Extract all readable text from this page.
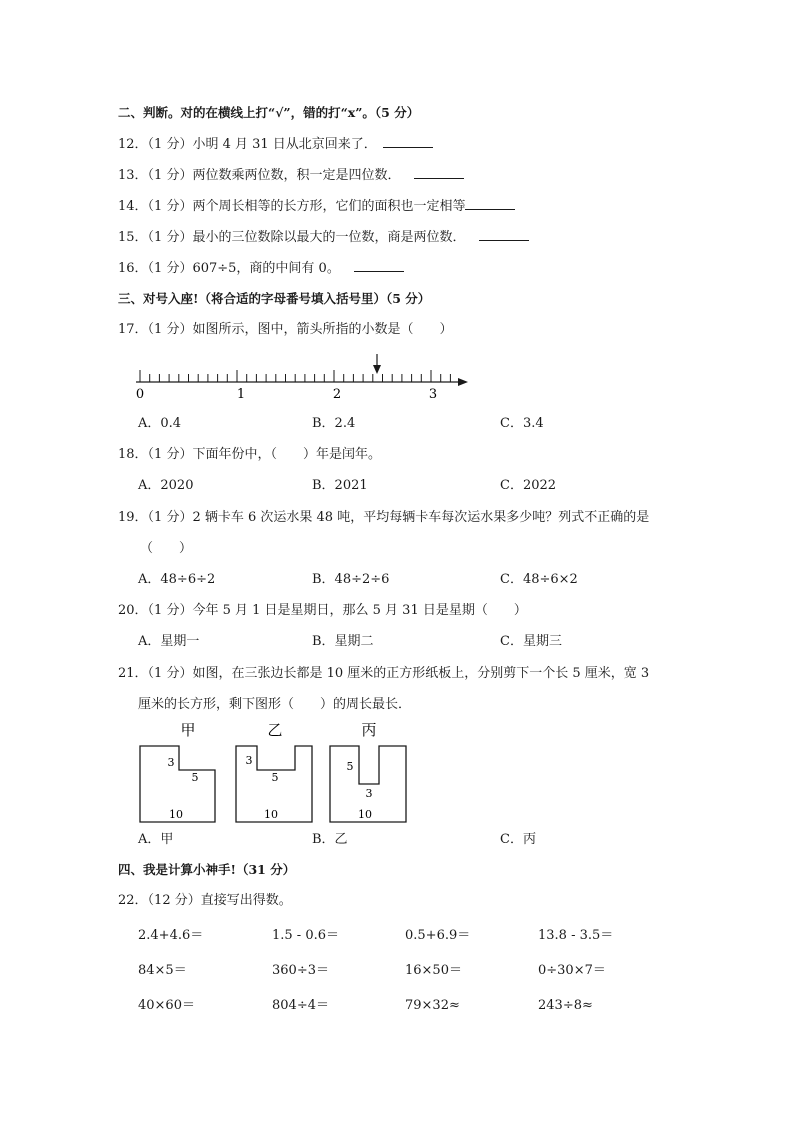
二、判断。对的在横线上打“√”，错的打“x”。（5 分）
12．（1 分）小明 4 月 31 日从北京回来了．
13．（1 分）两位数乘两位数，积一定是四位数．
14．（1 分）两个周长相等的长方形，它们的面积也一定相等
15．（1 分）最小的三位数除以最大的一位数，商是两位数．
16．（1 分）607÷5，商的中间有 0。
三、对号入座!（将合适的字母番号填入括号里）（5 分）
17．（1 分）如图所示，图中，箭头所指的小数是（　　）
0	1	2	3
A．0.4	B．2.4	C．3.4
18．（1 分）下面年份中，（　　）年是闰年。
A．2020	B．2021	C．2022
19．（1 分）2 辆卡车 6 次运水果 48 吨，平均每辆卡车每次运水果多少吨？列式不正确的是
（　　）
A．48÷6÷2	B．48÷2÷6	C．48÷6×2
20．（1 分）今年 5 月 1 日是星期日，那么 5 月 31 日是星期（　　）
A．星期一	B．星期二	C．星期三
21．（1 分）如图，在三张边长都是 10 厘米的正方形纸板上，分别剪下一个长 5 厘米，宽 3
厘米的长方形，剩下图形（　　）的周长最长．
甲
3
5
10
乙
3
5
10
丙
5
3
10
A．甲	B．乙	C．丙
四、我是计算小神手!（31 分）
22．（12 分）直接写出得数。
2.4+4.6＝	1.5 - 0.6＝	0.5+6.9＝	13.8 - 3.5＝
84×5＝	360÷3＝	16×50＝	0÷30×7＝
40×60＝	804÷4＝	79×32≈	243÷8≈
